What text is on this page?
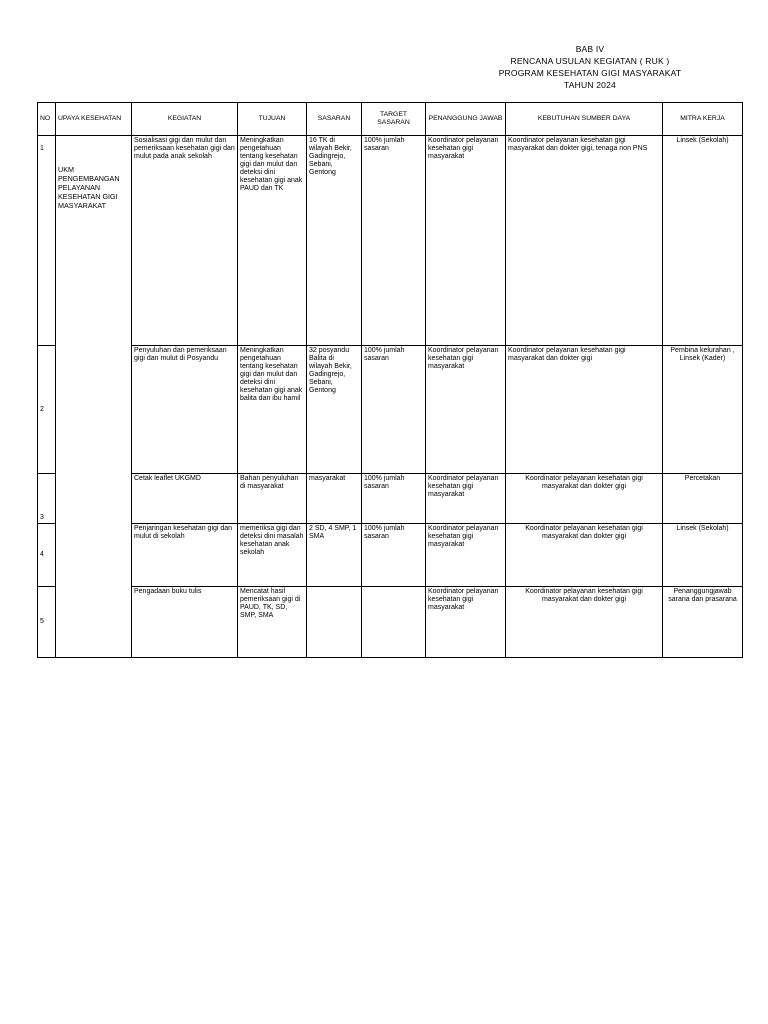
BAB IV
RENCANA USULAN KEGIATAN ( RUK )
PROGRAM KESEHATAN GIGI MASYARAKAT
TAHUN 2024
NO	UPAYA KESEHATAN	KEGIATAN	TUJUAN	SASARAN	TARGET SASARAN	PENANGGUNG JAWAB	KEBUTUHAN SUMBER DAYA	MITRA KERJA

1	UKM PENGEMBANGAN PELAYANAN KESEHATAN GIGI MASYARAKAT	Sosialisasi gigi dan mulut dan pemeriksaan kesehatan gigi dan mulut pada anak sekolah	Meningkatkan pengetahuan tentang kesehatan gigi dan mulut dan deteksi dini kesehatan gigi anak PAUD dan TK	16 TK di wilayah Bekir, Gadingrejo, Sebani, Gentong	100% jumlah sasaran	Koordinator pelayanan kesehatan gigi masyarakat	Koordinator pelayanan kesehatan gigi masyarakat dan dokter gigi, tenaga non PNS	Linsek (Sekolah)
2		Penyuluhan dan pemeriksaan gigi dan mulut di Posyandu	Meningkatkan pengetahuan tentang kesehatan gigi dan mulut dan deteksi dini kesehatan gigi anak balita dan ibu hamil	32 posyandu Balita di wilayah Bekir, Gadingrejo, Sebani, Gentong	100% jumlah sasaran	Koordinator pelayanan kesehatan gigi masyarakat	Koordinator pelayanan kesehatan gigi masyarakat dan dokter gigi	Pembina kelurahan , Linsek (Kader)
3		Cetak leaflet UKGMD	Bahan penyuluhan di masyarakat	masyarakat	100% jumlah sasaran	Koordinator pelayanan kesehatan gigi masyarakat	Koordinator pelayanan kesehatan gigi masyarakat dan dokter gigi	Percetakan
4		Penjaringan kesehatan gigi dan mulut di sekolah	memeriksa gigi dan deteksi dini masalah kesehatan anak sekolah	2 SD, 4 SMP, 1 SMA	100% jumlah sasaran	Koordinator pelayanan kesehatan gigi masyarakat	Koordinator pelayanan kesehatan gigi masyarakat dan dokter gigi	Linsek (Sekolah)
5		Pengadaan buku tulis	Mencatat hasil pemeriksaan gigi di PAUD, TK, SD, SMP, SMA			Koordinator pelayanan kesehatan gigi masyarakat	Koordinator pelayanan kesehatan gigi masyarakat dan dokter gigi	Penanggungjawab sarana dan prasarana
